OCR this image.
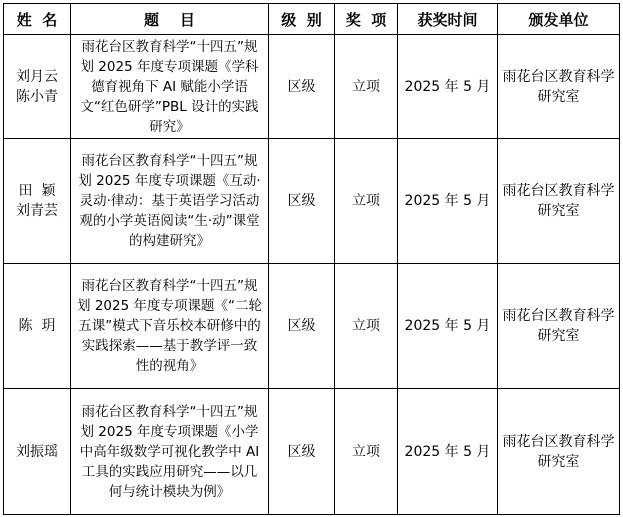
姓  名	题    目	级  别	奖  项	获奖时间	颁发单位

刘月云
陈小青	雨花台区教育科学“十四五”规划 2025 年度专项课题《学科德育视角下 AI 赋能小学语文“红色研学”PBL 设计的实践研究》	区级	立项	2025 年 5 月	雨花台区教育科学研究室

田  颖
刘青芸	雨花台区教育科学“十四五”规划 2025 年度专项课题《互动·灵动·律动：基于英语学习活动观的小学英语阅读“生·动”课堂的构建研究》	区级	立项	2025 年 5 月	雨花台区教育科学研究室

陈  玥	雨花台区教育科学“十四五”规划 2025 年度专项课题《“二轮五课”模式下音乐校本研修中的实践探索——基于教学评一致性的视角》	区级	立项	2025 年 5 月	雨花台区教育科学研究室

刘振瑶	雨花台区教育科学“十四五”规划 2025 年度专项课题《小学中高年级数学可视化教学中 AI 工具的实践应用研究——以几何与统计模块为例》	区级	立项	2025 年 5 月	雨花台区教育科学研究室
